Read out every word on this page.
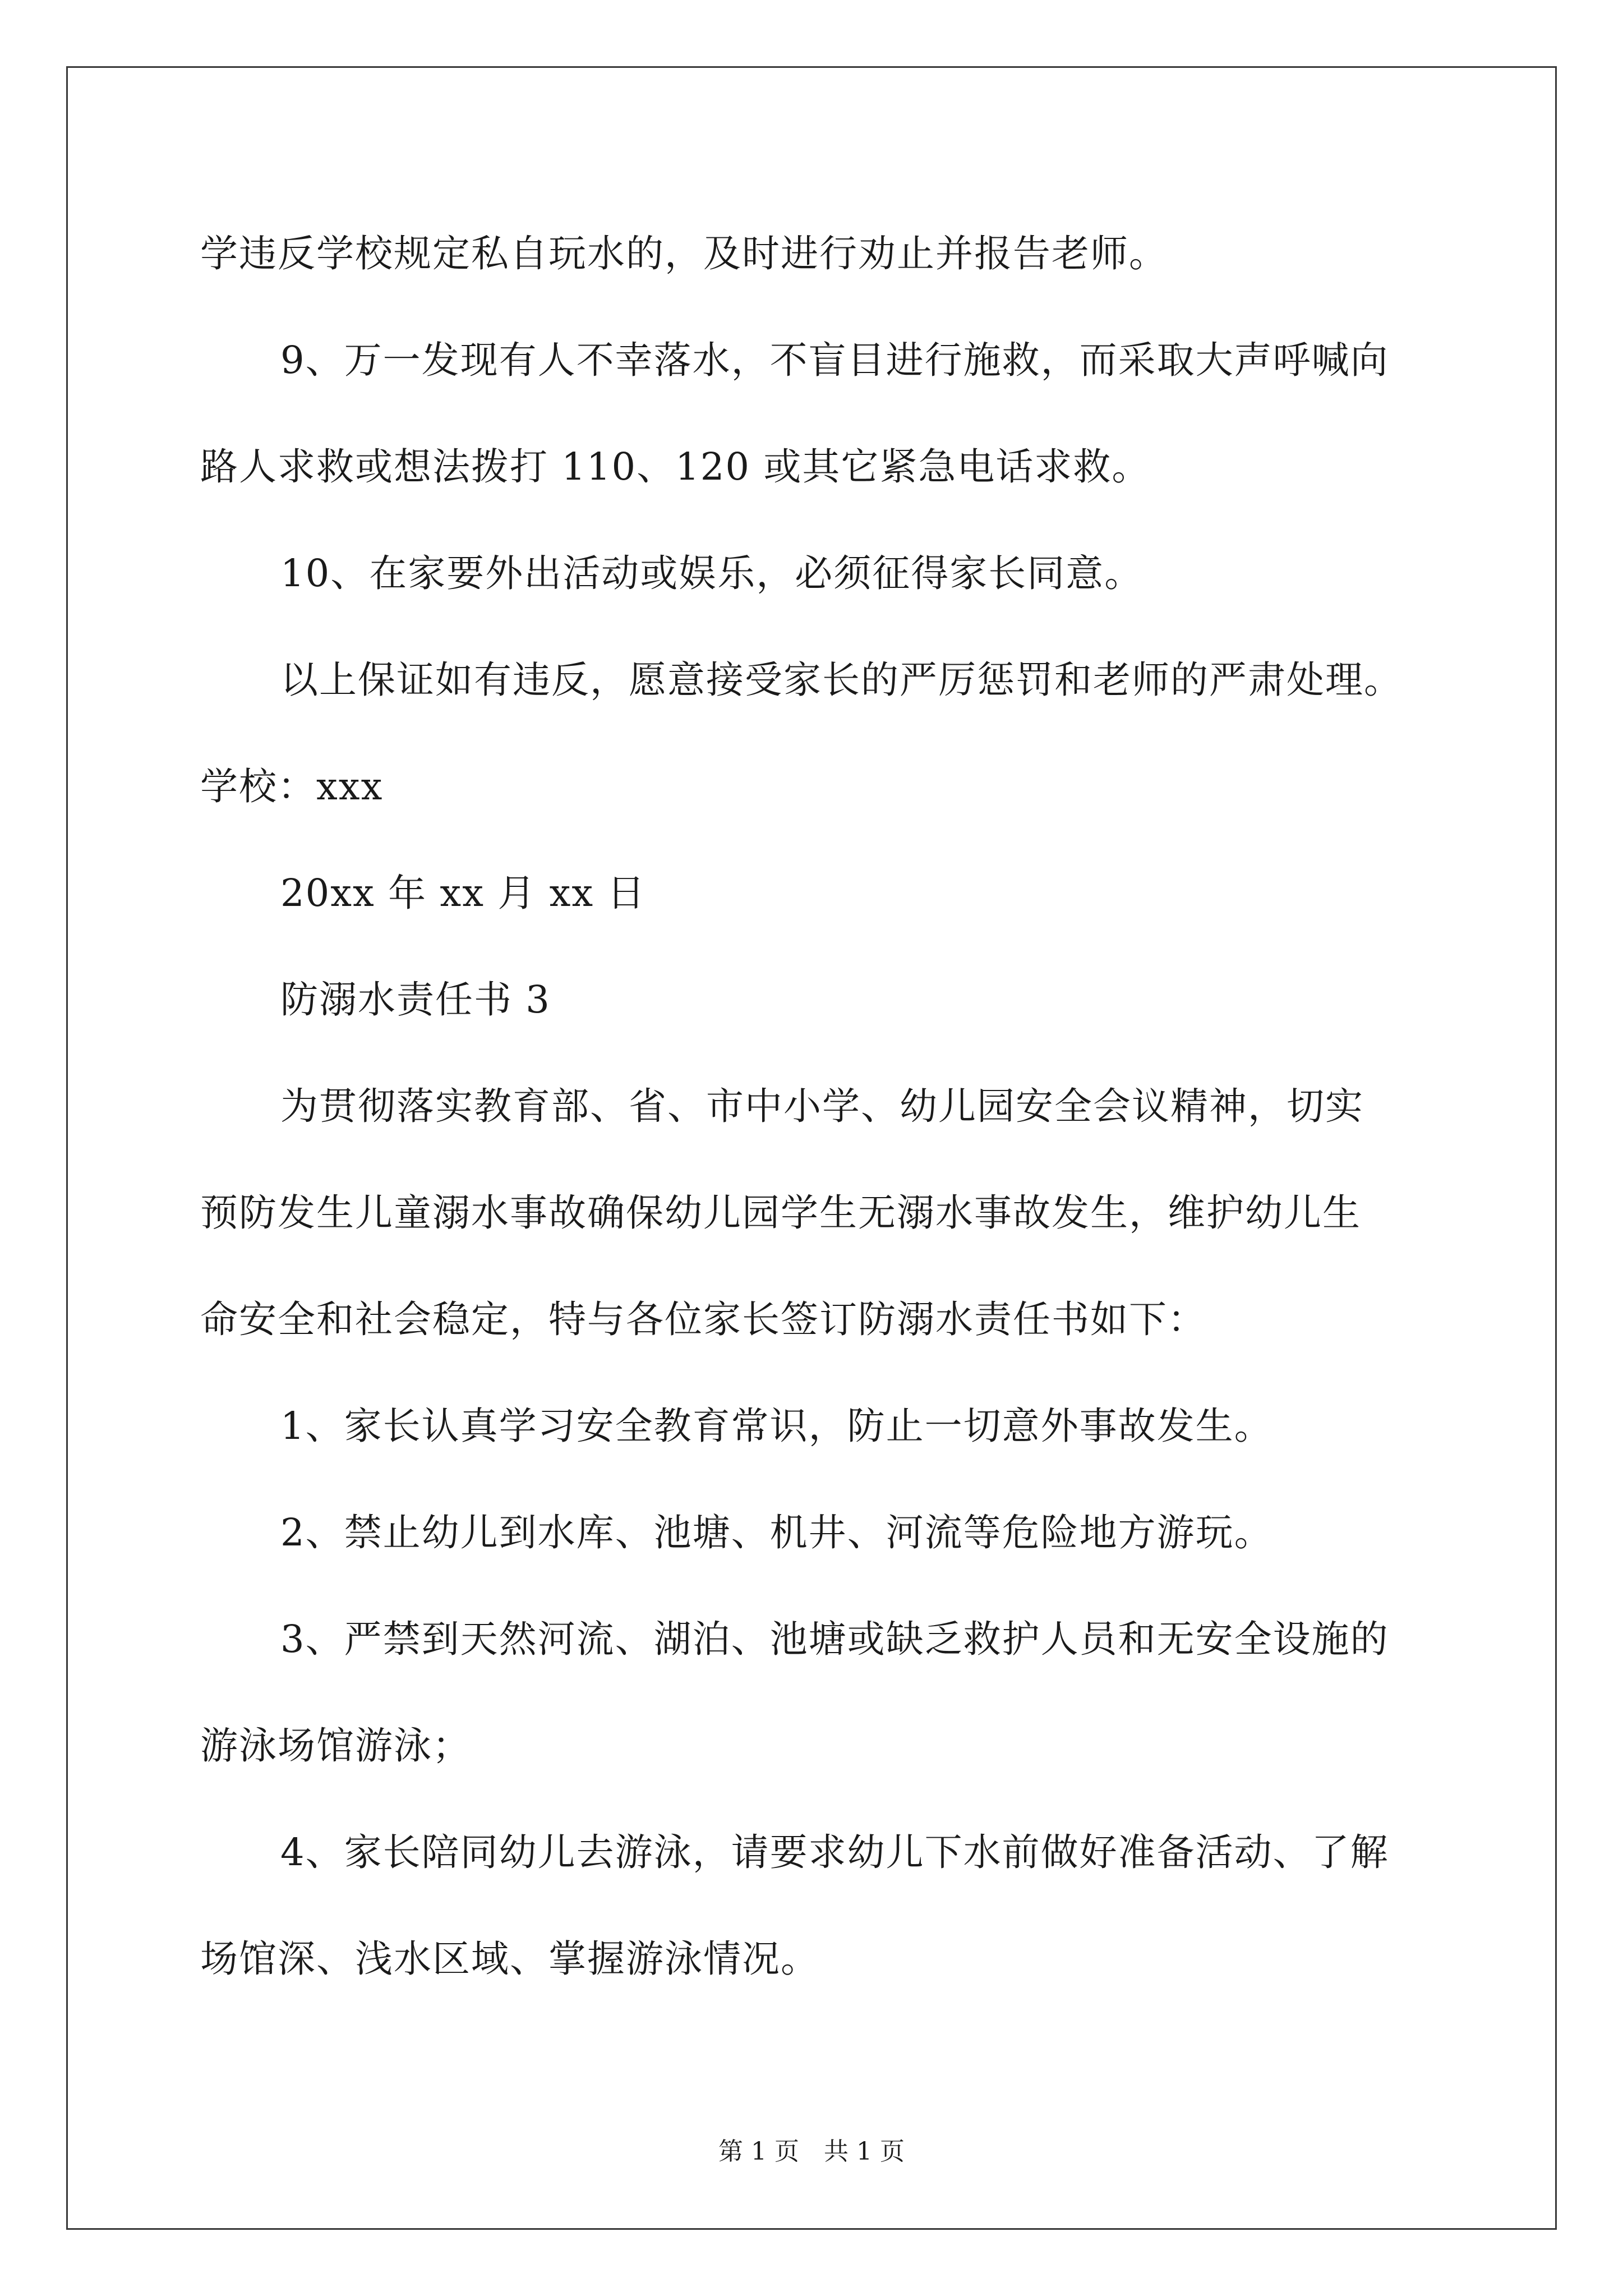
学违反学校规定私自玩水的，及时进行劝止并报告老师。

9、万一发现有人不幸落水，不盲目进行施救，而采取大声呼喊向

路人求救或想法拨打 110、120 或其它紧急电话求救。

10、在家要外出活动或娱乐，必须征得家长同意。

以上保证如有违反，愿意接受家长的严厉惩罚和老师的严肃处理。

学校：xxx

20xx 年 xx 月 xx 日

防溺水责任书 3

为贯彻落实教育部、省、市中小学、幼儿园安全会议精神，切实

预防发生儿童溺水事故确保幼儿园学生无溺水事故发生，维护幼儿生

命安全和社会稳定，特与各位家长签订防溺水责任书如下：

1、家长认真学习安全教育常识，防止一切意外事故发生。

2、禁止幼儿到水库、池塘、机井、河流等危险地方游玩。

3、严禁到天然河流、湖泊、池塘或缺乏救护人员和无安全设施的

游泳场馆游泳；

4、家长陪同幼儿去游泳，请要求幼儿下水前做好准备活动、了解

场馆深、浅水区域、掌握游泳情况。

第 1 页　共 1 页
